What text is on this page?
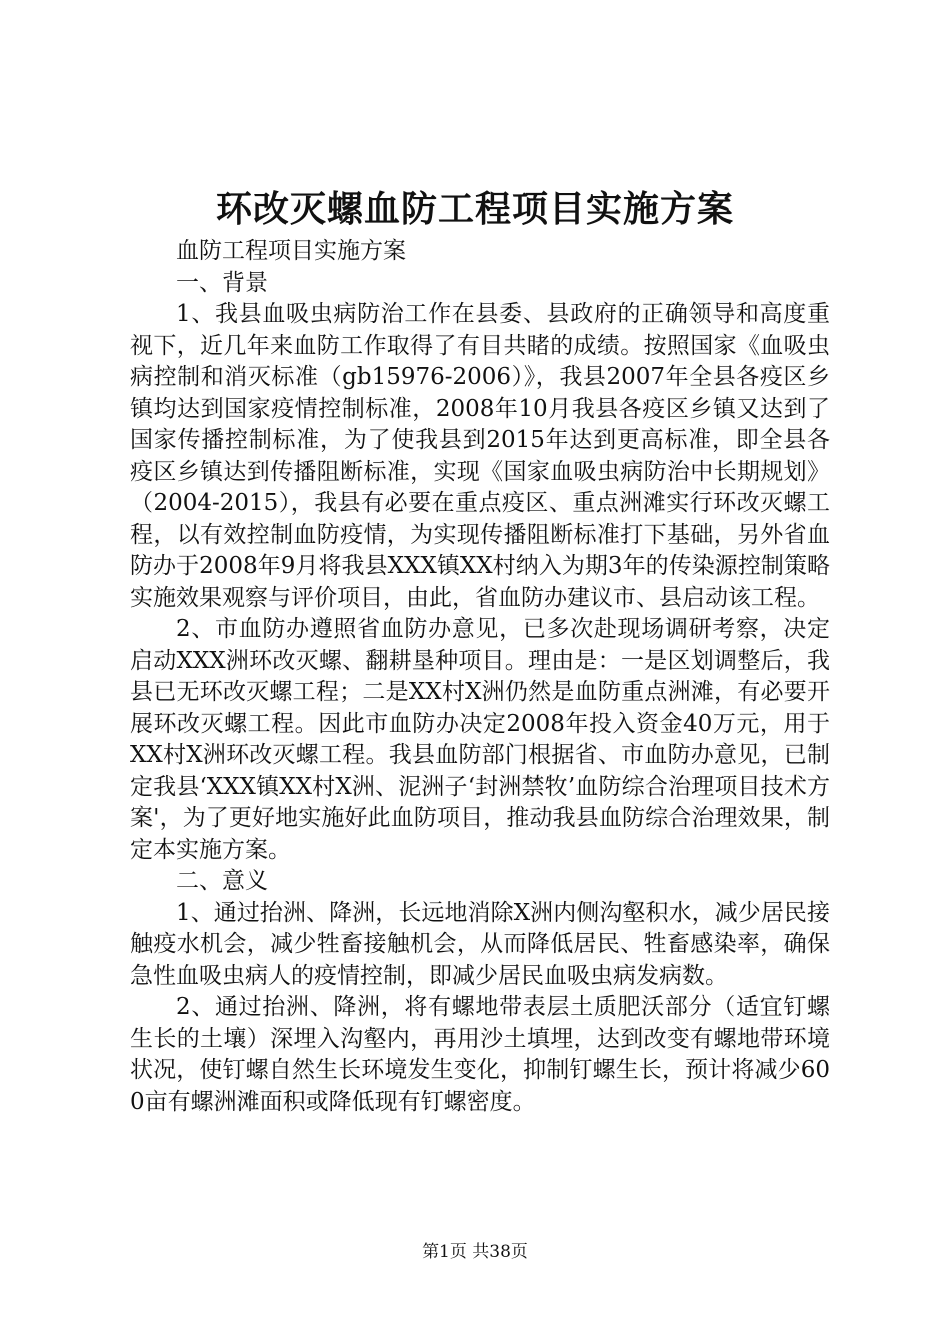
环改灭螺血防工程项目实施方案

血防工程项目实施方案

一、背景

1、我县血吸虫病防治工作在县委、县政府的正确领导和高度重视下，近几年来血防工作取得了有目共睹的成绩。按照国家《血吸虫病控制和消灭标准（gb15976-2006）》，我县2007年全县各疫区乡镇均达到国家疫情控制标准，2008年10月我县各疫区乡镇又达到了国家传播控制标准，为了使我县到2015年达到更高标准，即全县各疫区乡镇达到传播阻断标准，实现《国家血吸虫病防治中长期规划》（2004-2015），我县有必要在重点疫区、重点洲滩实行环改灭螺工程，以有效控制血防疫情，为实现传播阻断标准打下基础，另外省血防办于2008年9月将我县XXX镇XX村纳入为期3年的传染源控制策略实施效果观察与评价项目，由此，省血防办建议市、县启动该工程。

2、市血防办遵照省血防办意见，已多次赴现场调研考察，决定启动XXX洲环改灭螺、翻耕垦种项目。理由是：一是区划调整后，我县已无环改灭螺工程；二是XX村X洲仍然是血防重点洲滩，有必要开展环改灭螺工程。因此市血防办决定2008年投入资金40万元，用于XX村X洲环改灭螺工程。我县血防部门根据省、市血防办意见，已制定我县‘XXX镇XX村X洲、泥洲子‘封洲禁牧’血防综合治理项目技术方案'，为了更好地实施好此血防项目，推动我县血防综合治理效果，制定本实施方案。

二、意义

1、通过抬洲、降洲，长远地消除X洲内侧沟壑积水，减少居民接触疫水机会，减少牲畜接触机会，从而降低居民、牲畜感染率，确保急性血吸虫病人的疫情控制，即减少居民血吸虫病发病数。

2、通过抬洲、降洲，将有螺地带表层土质肥沃部分（适宜钉螺生长的土壤）深埋入沟壑内，再用沙土填埋，达到改变有螺地带环境状况，使钉螺自然生长环境发生变化，抑制钉螺生长，预计将减少600亩有螺洲滩面积或降低现有钉螺密度。

第1页 共38页
